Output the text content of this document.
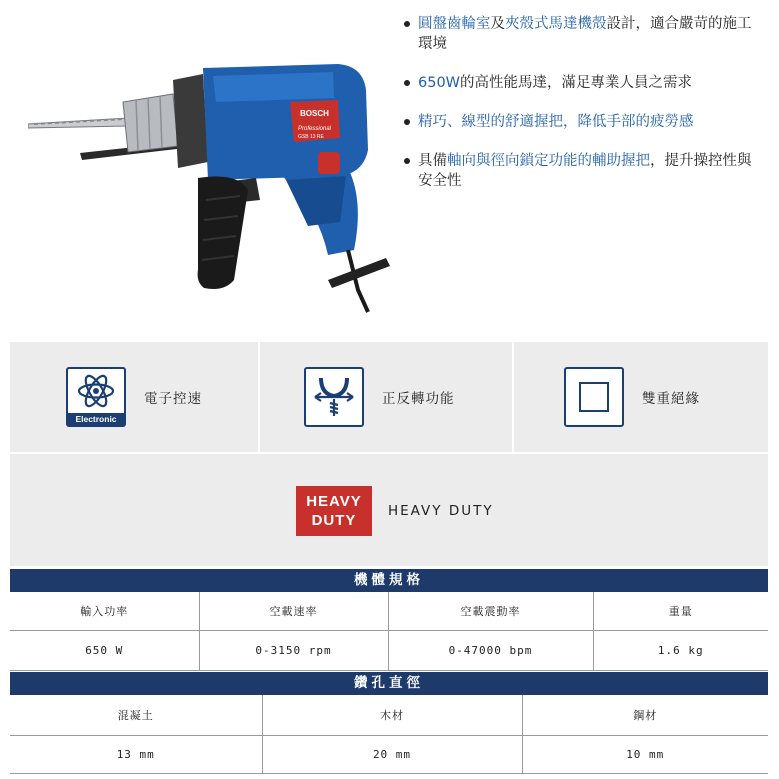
BOSCH
Professional
GSB 13 RE
圓盤齒輪室及夾殼式馬達機殼設計，適合嚴苛的施工環境
650W的高性能馬達，滿足專業人員之需求
精巧、線型的舒適握把，降低手部的疲勞感
具備軸向與徑向鎖定功能的輔助握把，提升操控性與安全性
Electronic
電子控速	正反轉功能	雙重絕緣
HEAVY
DUTY
HEAVY DUTY
機體規格
輸入功率	空載速率	空載震動率	重量
650 W	0-3150 rpm	0-47000 bpm	1.6 kg
鑽孔直徑
混凝土	木材	鋼材
13 mm	20 mm	10 mm
